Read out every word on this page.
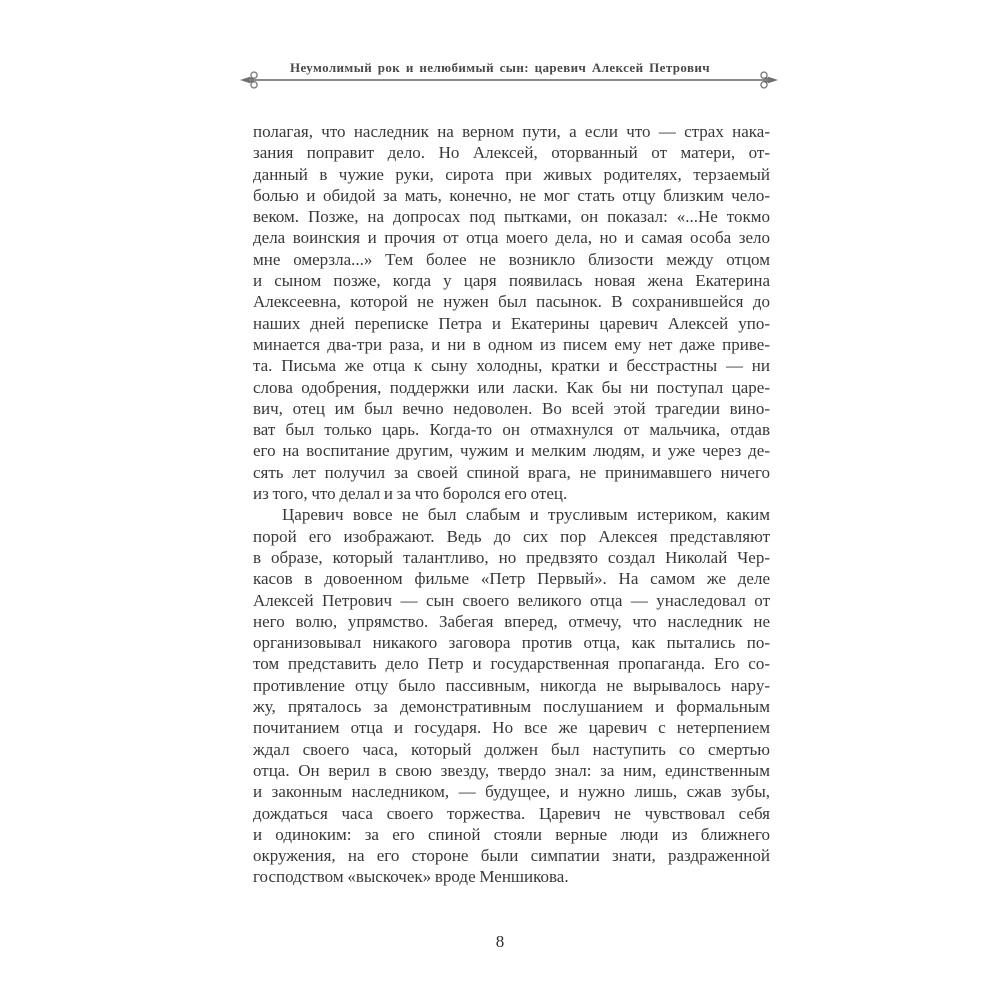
Неумолимый рок и нелюбимый сын: царевич Алексей Петрович
полагая, что наследник на верном пути, а если что — страх нака-
зания поправит дело. Но Алексей, оторванный от матери, от-
данный в чужие руки, сирота при живых родителях, терзаемый
болью и обидой за мать, конечно, не мог стать отцу близким чело-
веком. Позже, на допросах под пытками, он показал: «...Не токмо
дела воинския и прочия от отца моего дела, но и самая особа зело
мне омерзла...» Тем более не возникло близости между отцом
и сыном позже, когда у царя появилась новая жена Екатерина
Алексеевна, которой не нужен был пасынок. В сохранившейся до
наших дней переписке Петра и Екатерины царевич Алексей упо-
минается два-три раза, и ни в одном из писем ему нет даже приве-
та. Письма же отца к сыну холодны, кратки и бесстрастны — ни
слова одобрения, поддержки или ласки. Как бы ни поступал царе-
вич, отец им был вечно недоволен. Во всей этой трагедии вино-
ват был только царь. Когда-то он отмахнулся от мальчика, отдав
его на воспитание другим, чужим и мелким людям, и уже через де-
сять лет получил за своей спиной врага, не принимавшего ничего
из того, что делал и за что боролся его отец.
Царевич вовсе не был слабым и трусливым истериком, каким
порой его изображают. Ведь до сих пор Алексея представляют
в образе, который талантливо, но предвзято создал Николай Чер-
касов в довоенном фильме «Петр Первый». На самом же деле
Алексей Петрович — сын своего великого отца — унаследовал от
него волю, упрямство. Забегая вперед, отмечу, что наследник не
организовывал никакого заговора против отца, как пытались по-
том представить дело Петр и государственная пропаганда. Его со-
противление отцу было пассивным, никогда не вырывалось нару-
жу, пряталось за демонстративным послушанием и формальным
почитанием отца и государя. Но все же царевич с нетерпением
ждал своего часа, который должен был наступить со смертью
отца. Он верил в свою звезду, твердо знал: за ним, единственным
и законным наследником, — будущее, и нужно лишь, сжав зубы,
дождаться часа своего торжества. Царевич не чувствовал себя
и одиноким: за его спиной стояли верные люди из ближнего
окружения, на его стороне были симпатии знати, раздраженной
господством «выскочек» вроде Меншикова.
8
